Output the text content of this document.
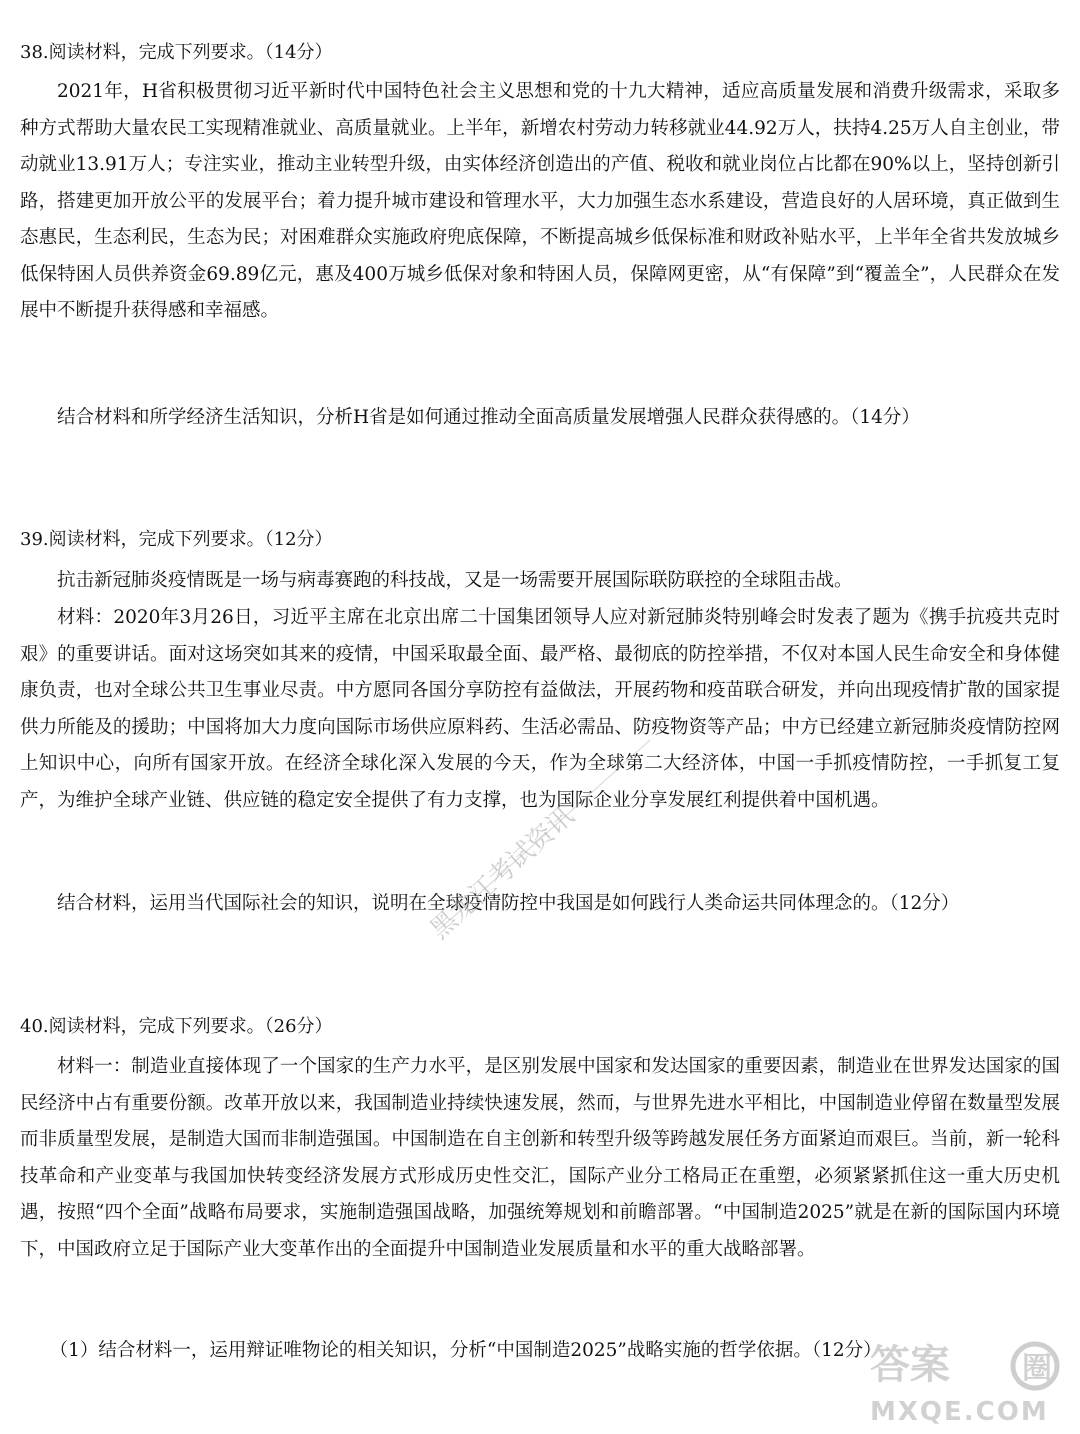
38.阅读材料，完成下列要求。（14分）

2021年，H省积极贯彻习近平新时代中国特色社会主义思想和党的十九大精神，适应高质量发展和消费升级需求，采取多种方式帮助大量农民工实现精准就业、高质量就业。上半年，新增农村劳动力转移就业44.92万人，扶持4.25万人自主创业，带动就业13.91万人；专注实业，推动主业转型升级，由实体经济创造出的产值、税收和就业岗位占比都在90%以上，坚持创新引路，搭建更加开放公平的发展平台；着力提升城市建设和管理水平，大力加强生态水系建设，营造良好的人居环境，真正做到生态惠民，生态利民，生态为民；对困难群众实施政府兜底保障，不断提高城乡低保标准和财政补贴水平，上半年全省共发放城乡低保特困人员供养资金69.89亿元，惠及400万城乡低保对象和特困人员，保障网更密，从“有保障”到“覆盖全”，人民群众在发展中不断提升获得感和幸福感。

结合材料和所学经济生活知识，分析H省是如何通过推动全面高质量发展增强人民群众获得感的。（14分）

39.阅读材料，完成下列要求。（12分）

抗击新冠肺炎疫情既是一场与病毒赛跑的科技战，又是一场需要开展国际联防联控的全球阻击战。

材料：2020年3月26日，习近平主席在北京出席二十国集团领导人应对新冠肺炎特别峰会时发表了题为《携手抗疫共克时艰》的重要讲话。面对这场突如其来的疫情，中国采取最全面、最严格、最彻底的防控举措，不仅对本国人民生命安全和身体健康负责，也对全球公共卫生事业尽责。中方愿同各国分享防控有益做法，开展药物和疫苗联合研发，并向出现疫情扩散的国家提供力所能及的援助；中国将加大力度向国际市场供应原料药、生活必需品、防疫物资等产品；中方已经建立新冠肺炎疫情防控网上知识中心，向所有国家开放。在经济全球化深入发展的今天，作为全球第二大经济体，中国一手抓疫情防控，一手抓复工复产，为维护全球产业链、供应链的稳定安全提供了有力支撑，也为国际企业分享发展红利提供着中国机遇。

结合材料，运用当代国际社会的知识，说明在全球疫情防控中我国是如何践行人类命运共同体理念的。（12分）

40.阅读材料，完成下列要求。（26分）

材料一：制造业直接体现了一个国家的生产力水平，是区别发展中国家和发达国家的重要因素，制造业在世界发达国家的国民经济中占有重要份额。改革开放以来，我国制造业持续快速发展，然而，与世界先进水平相比，中国制造业停留在数量型发展而非质量型发展，是制造大国而非制造强国。中国制造在自主创新和转型升级等跨越发展任务方面紧迫而艰巨。当前，新一轮科技革命和产业变革与我国加快转变经济发展方式形成历史性交汇，国际产业分工格局正在重塑，必须紧紧抓住这一重大历史机遇，按照“四个全面”战略布局要求，实施制造强国战略，加强统筹规划和前瞻部署。“中国制造2025”就是在新的国际国内环境下，中国政府立足于国际产业大变革作出的全面提升中国制造业发展质量和水平的重大战略部署。

（1）结合材料一，运用辩证唯物论的相关知识，分析“中国制造2025”战略实施的哲学依据。（12分）

黑龙江考试资讯
答案 圈
MXQE.COM
